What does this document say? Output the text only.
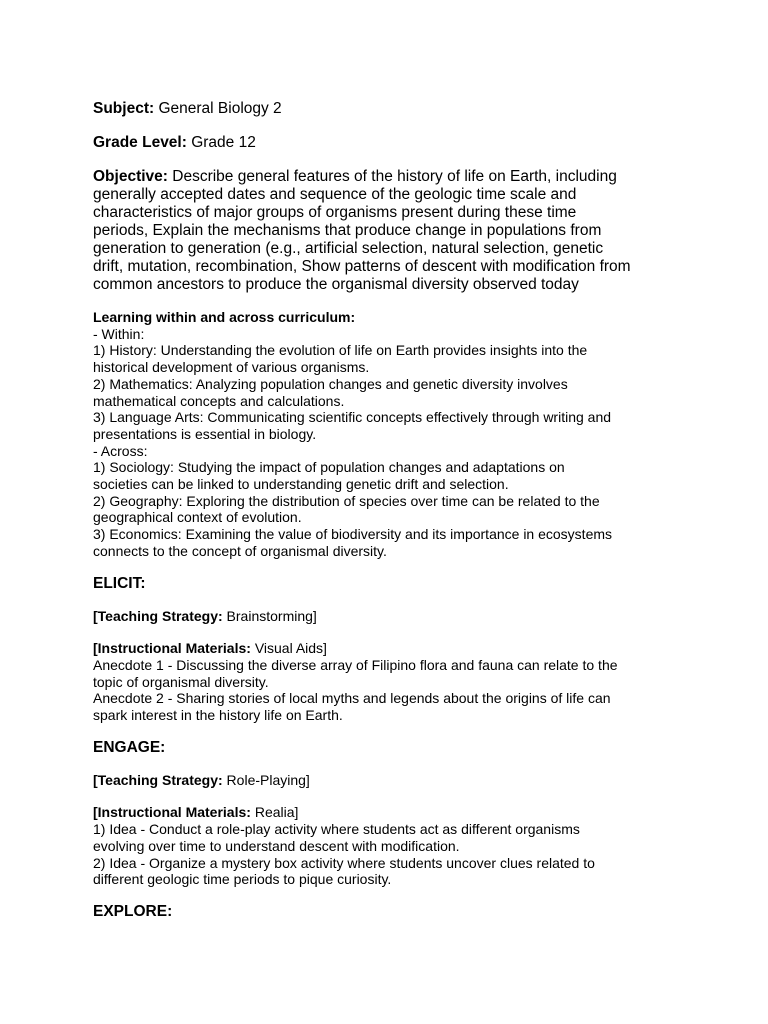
Subject: General Biology 2
Grade Level: Grade 12
Objective: Describe general features of the history of life on Earth, including
generally accepted dates and sequence of the geologic time scale and
characteristics of major groups of organisms present during these time
periods, Explain the mechanisms that produce change in populations from
generation to generation (e.g., artificial selection, natural selection, genetic
drift, mutation, recombination, Show patterns of descent with modification from
common ancestors to produce the organismal diversity observed today
Learning within and across curriculum:
- Within:
1) History: Understanding the evolution of life on Earth provides insights into the
historical development of various organisms.
2) Mathematics: Analyzing population changes and genetic diversity involves
mathematical concepts and calculations.
3) Language Arts: Communicating scientific concepts effectively through writing and
presentations is essential in biology.
- Across:
1) Sociology: Studying the impact of population changes and adaptations on
societies can be linked to understanding genetic drift and selection.
2) Geography: Exploring the distribution of species over time can be related to the
geographical context of evolution.
3) Economics: Examining the value of biodiversity and its importance in ecosystems
connects to the concept of organismal diversity.
ELICIT:
[Teaching Strategy: Brainstorming]
[Instructional Materials: Visual Aids]
Anecdote 1 - Discussing the diverse array of Filipino flora and fauna can relate to the
topic of organismal diversity.
Anecdote 2 - Sharing stories of local myths and legends about the origins of life can
spark interest in the history life on Earth.
ENGAGE:
[Teaching Strategy: Role-Playing]
[Instructional Materials: Realia]
1) Idea - Conduct a role-play activity where students act as different organisms
evolving over time to understand descent with modification.
2) Idea - Organize a mystery box activity where students uncover clues related to
different geologic time periods to pique curiosity.
EXPLORE:
